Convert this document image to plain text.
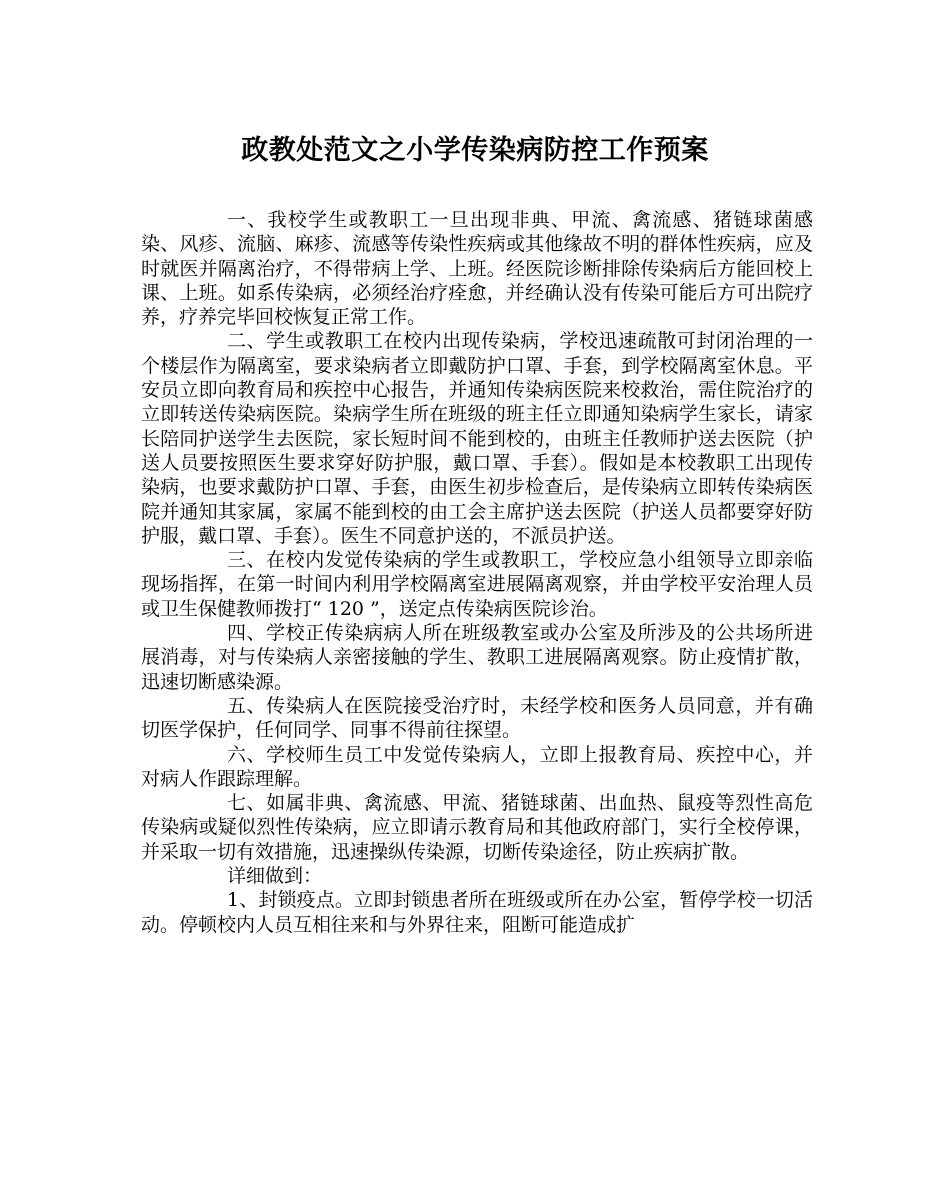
政教处范文之小学传染病防控工作预案

一、我校学生或教职工一旦出现非典、甲流、禽流感、猪链球菌感染、风疹、流脑、麻疹、流感等传染性疾病或其他缘故不明的群体性疾病，应及时就医并隔离治疗，不得带病上学、上班。经医院诊断排除传染病后方能回校上课、上班。如系传染病，必须经治疗痊愈，并经确认没有传染可能后方可出院疗养，疗养完毕回校恢复正常工作。

二、学生或教职工在校内出现传染病，学校迅速疏散可封闭治理的一个楼层作为隔离室，要求染病者立即戴防护口罩、手套，到学校隔离室休息。平安员立即向教育局和疾控中心报告，并通知传染病医院来校救治，需住院治疗的立即转送传染病医院。染病学生所在班级的班主任立即通知染病学生家长，请家长陪同护送学生去医院，家长短时间不能到校的，由班主任教师护送去医院（护送人员要按照医生要求穿好防护服，戴口罩、手套）。假如是本校教职工出现传染病，也要求戴防护口罩、手套，由医生初步检查后，是传染病立即转传染病医院并通知其家属，家属不能到校的由工会主席护送去医院（护送人员都要穿好防护服，戴口罩、手套）。医生不同意护送的，不派员护送。

三、在校内发觉传染病的学生或教职工，学校应急小组领导立即亲临现场指挥，在第一时间内利用学校隔离室进展隔离观察，并由学校平安治理人员或卫生保健教师拨打“ 120 ”，送定点传染病医院诊治。

四、学校正传染病病人所在班级教室或办公室及所涉及的公共场所进展消毒，对与传染病人亲密接触的学生、教职工进展隔离观察。防止疫情扩散，迅速切断感染源。

五、传染病人在医院接受治疗时，未经学校和医务人员同意，并有确切医学保护，任何同学、同事不得前往探望。

六、学校师生员工中发觉传染病人，立即上报教育局、疾控中心，并对病人作跟踪理解。

七、如属非典、禽流感、甲流、猪链球菌、出血热、鼠疫等烈性高危传染病或疑似烈性传染病，应立即请示教育局和其他政府部门，实行全校停课，并采取一切有效措施，迅速操纵传染源，切断传染途径，防止疾病扩散。

详细做到：

1、封锁疫点。立即封锁患者所在班级或所在办公室，暂停学校一切活动。停顿校内人员互相往来和与外界往来，阻断可能造成扩
